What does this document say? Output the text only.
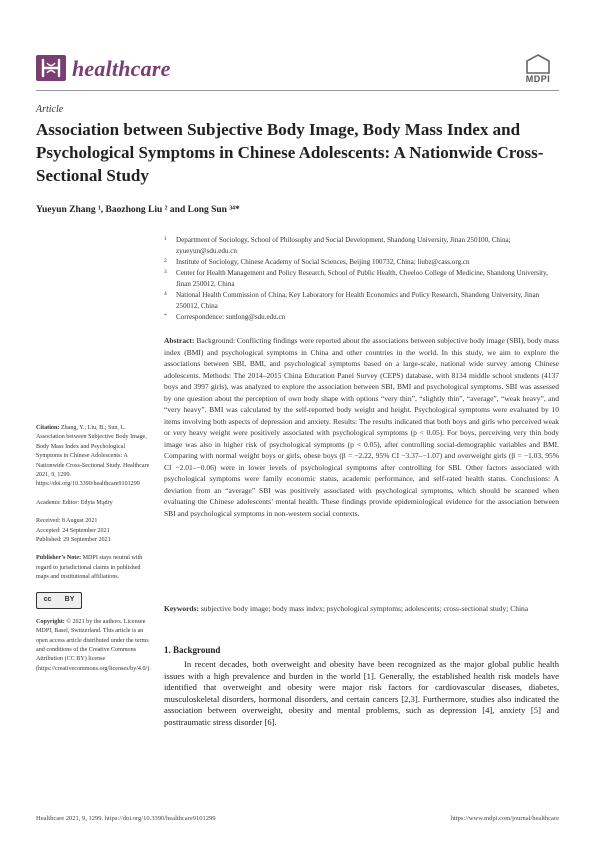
healthcare	MDPI
Article
Association between Subjective Body Image, Body Mass Index and Psychological Symptoms in Chinese Adolescents: A Nationwide Cross-Sectional Study
Yueyun Zhang ¹, Baozhong Liu ² and Long Sun ³⁴*
1 Department of Sociology, School of Philosophy and Social Development, Shandong University, Jinan 250100, China; zyueyun@sdu.edu.cn
2 Institute of Sociology, Chinese Academy of Social Sciences, Beijing 100732, China; liubz@cass.org.cn
3 Center for Health Management and Policy Research, School of Public Health, Cheeloo College of Medicine, Shandong University, Jinan 250012, China
4 National Health Commission of China, Key Laboratory for Health Economics and Policy Research, Shandong University, Jinan 250012, China
* Correspondence: sunlong@sdu.edu.cn
Abstract: Background: Conflicting findings were reported about the associations between subjective body image (SBI), body mass index (BMI) and psychological symptoms in China and other countries in the world. In this study, we aim to explore the associations between SBI, BMI, and psychological symptoms based on a large-scale, national wide survey among Chinese adolescents. Methods: The 2014–2015 China Education Panel Survey (CEPS) database, with 8134 middle school students (4137 boys and 3997 girls), was analyzed to explore the association between SBI, BMI and psychological symptoms. SBI was assessed by one question about the perception of own body shape with options “very thin”, “slightly thin”, “average”, “weak heavy”, and “very heavy”. BMI was calculated by the self-reported body weight and height. Psychological symptoms were evaluated by 10 items involving both aspects of depression and anxiety. Results: The results indicated that both boys and girls who perceived weak or very heavy weight were positively associated with psychological symptoms (p < 0.05). For boys, perceiving very thin body image was also in higher risk of psychological symptoms (p < 0.05), after controlling social-demographic variables and BMI. Comparing with normal weight boys or girls, obese boys (β = −2.22, 95% CI −3.37–−1.07) and overweight girls (β = −1.03, 95% CI −2.01–−0.06) were in lower levels of psychological symptoms after controlling for SBI. Other factors associated with psychological symptoms were family economic status, academic performance, and self-rated health status. Conclusions: A deviation from an “average” SBI was positively associated with psychological symptoms, which should be scanned when evaluating the Chinese adolescents’ mental health. These findings provide epidemiological evidence for the association between SBI and psychological symptoms in non-western social contexts.
Keywords: subjective body image; body mass index; psychological symptoms; adolescents; cross-sectional study; China
Citation: Zhang, Y.; Liu, B.; Sun, L. Association between Subjective Body Image, Body Mass Index and Psychological Symptoms in Chinese Adolescents: A Nationwide Cross-Sectional Study. Healthcare 2021, 9, 1299. https://doi.org/10.3390/healthcare9101299
Academic Editor: Edyta Mądry
Received: 8 August 2021
Accepted: 24 September 2021
Published: 29 September 2021
Publisher’s Note: MDPI stays neutral with regard to jurisdictional claims in published maps and institutional affiliations.
cc BY
Copyright: © 2021 by the authors. Licensee MDPI, Basel, Switzerland. This article is an open access article distributed under the terms and conditions of the Creative Commons Attribution (CC BY) license (https://creativecommons.org/licenses/by/4.0/).
1. Background
In recent decades, both overweight and obesity have been recognized as the major global public health issues with a high prevalence and burden in the world [1]. Generally, the established health risk models have identified that overweight and obesity were major risk factors for cardiovascular diseases, diabetes, musculoskeletal disorders, hormonal disorders, and certain cancers [2,3]. Furthermore, studies also indicated the association between overweight, obesity and mental problems, such as depression [4], anxiety [5] and posttraumatic stress disorder [6].
Healthcare 2021, 9, 1299. https://doi.org/10.3390/healthcare9101299	https://www.mdpi.com/journal/healthcare
